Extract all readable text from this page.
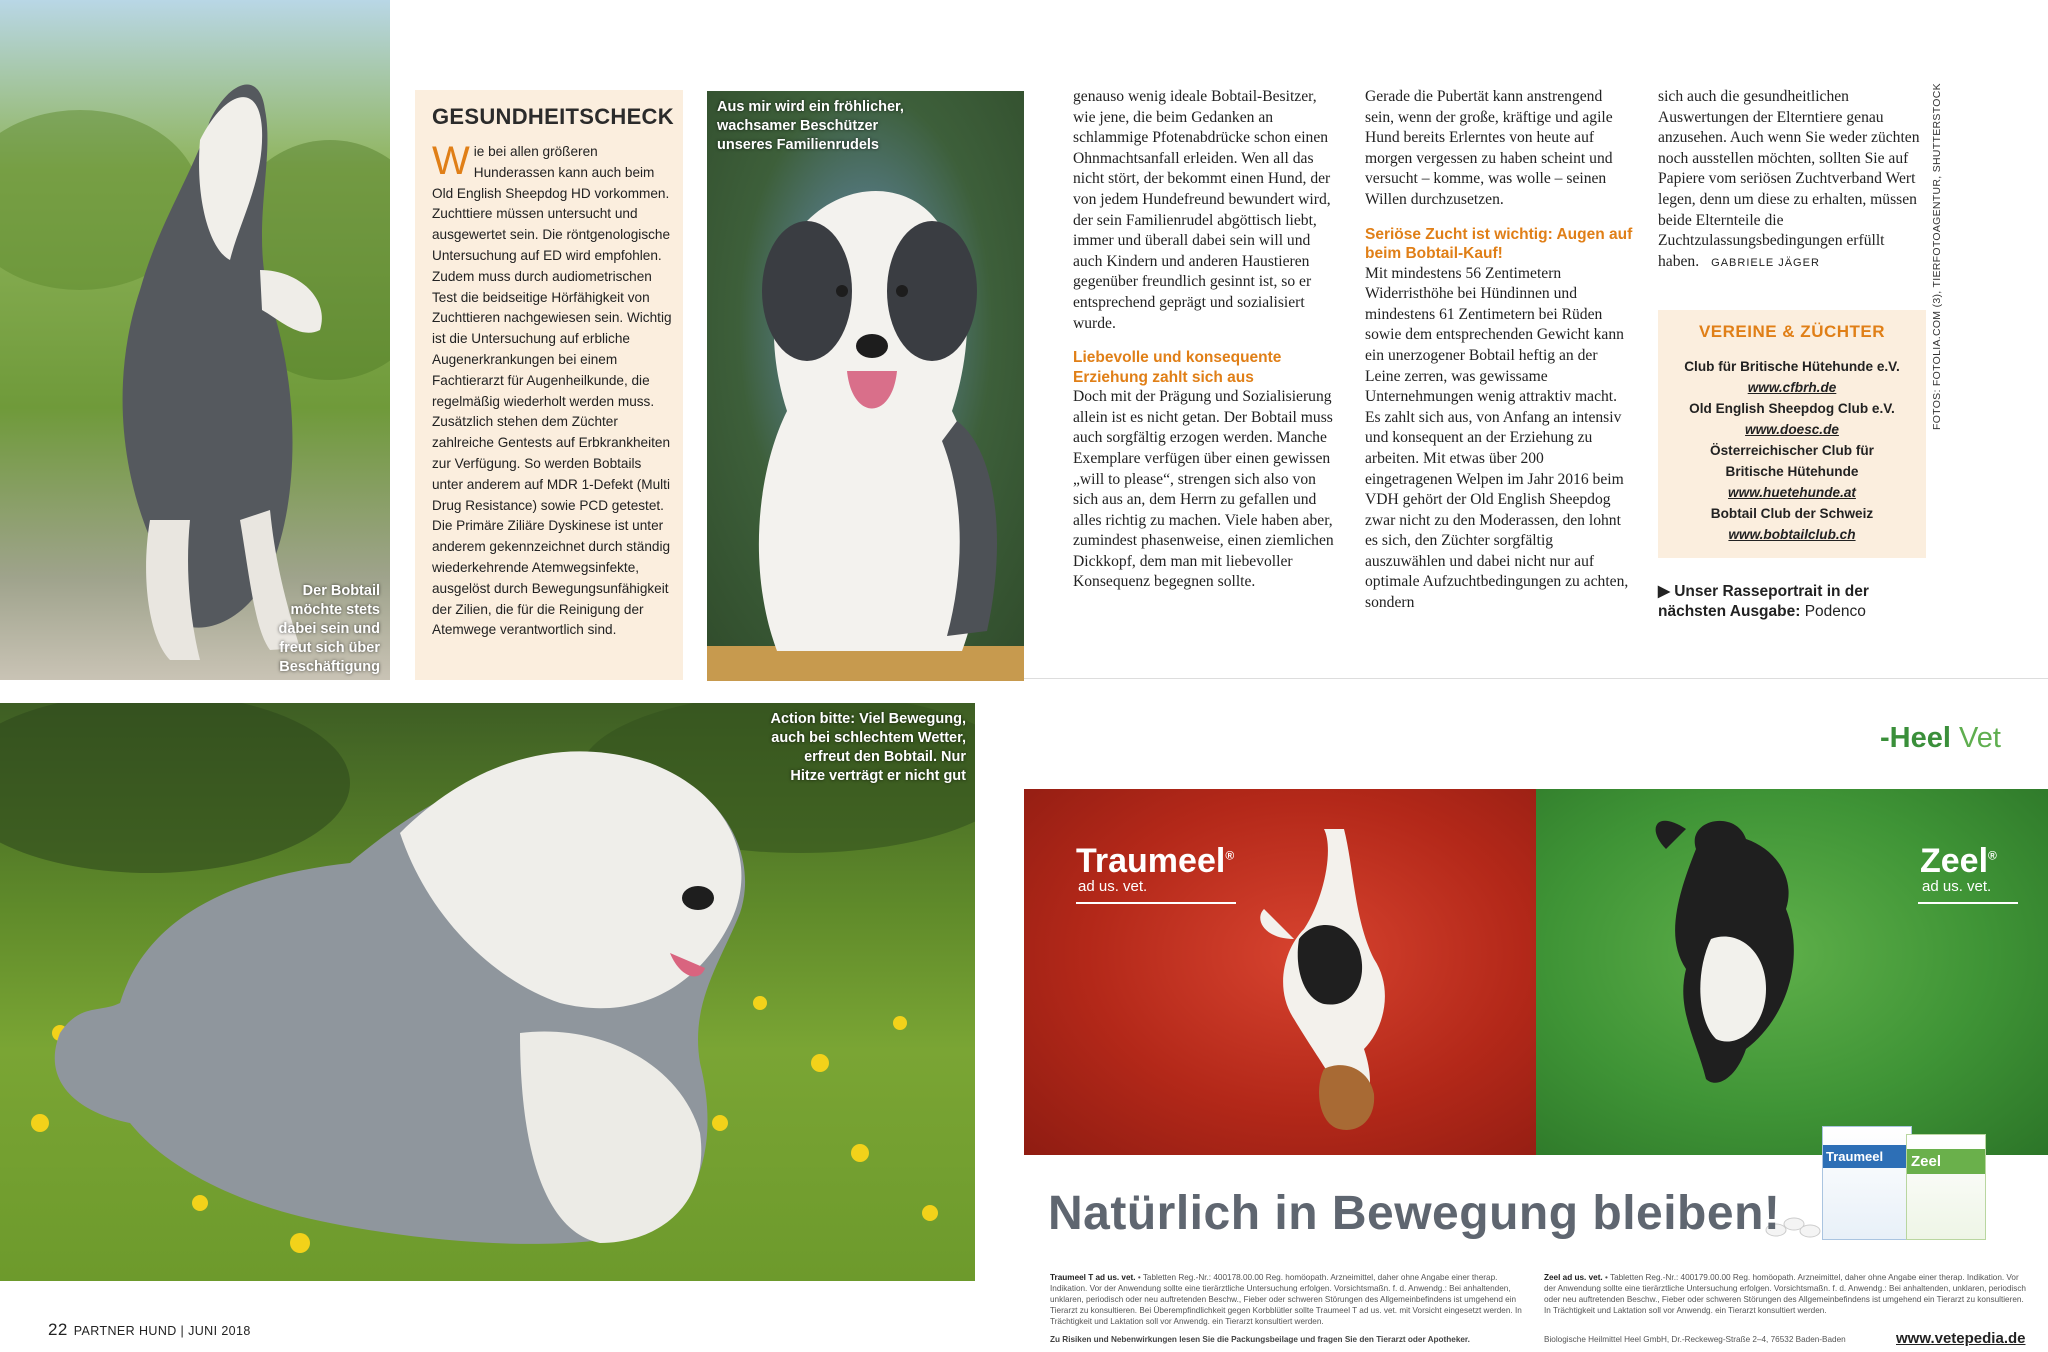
Der Bobtail
möchte stets
dabei sein und
freut sich über
Beschäftigung
GESUNDHEITSCHECK
Wie bei allen größeren Hunderassen kann auch beim Old English Sheepdog HD vorkommen. Zuchttiere müssen untersucht und ausgewertet sein. Die röntgenologische Untersuchung auf ED wird empfohlen. Zudem muss durch audiometrischen Test die beidseitige Hörfähigkeit von Zuchttieren nachgewiesen sein. Wichtig ist die Untersuchung auf erbliche Augenerkrankungen bei einem Fachtierarzt für Augenheilkunde, die regelmäßig wiederholt werden muss. Zusätzlich stehen dem Züchter zahlreiche Gentests auf Erbkrankheiten zur Verfügung. So werden Bobtails unter anderem auf MDR 1-Defekt (Multi Drug Resistance) sowie PCD getestet. Die Primäre Ziliäre Dyskinese ist unter anderem gekennzeichnet durch ständig wiederkehrende Atemwegsinfekte, ausgelöst durch Bewegungsunfähigkeit der Zilien, die für die Reinigung der Atemwege verantwortlich sind.
Aus mir wird ein fröhlicher,
wachsamer Beschützer
unseres Familienrudels

genauso wenig ideale Bobtail-Besitzer, wie jene, die beim Gedanken an schlammige Pfotenabdrücke schon einen Ohnmachtsanfall erleiden. Wen all das nicht stört, der bekommt einen Hund, der von jedem Hundefreund bewundert wird, der sein Familienrudel abgöttisch liebt, immer und überall dabei sein will und auch Kindern und anderen Haustieren gegenüber freundlich gesinnt ist, so er entsprechend geprägt und sozialisiert wurde.

Liebevolle und konsequente Erziehung zahlt sich aus

Doch mit der Prägung und Sozialisierung allein ist es nicht getan. Der Bobtail muss auch sorgfältig erzogen werden. Manche Exemplare verfügen über einen gewissen „will to please“, strengen sich also von sich aus an, dem Herrn zu gefallen und alles richtig zu machen. Viele haben aber, zumindest phasenweise, einen ziemlichen Dickkopf, dem man mit liebevoller Konsequenz begegnen sollte.

Gerade die Pubertät kann anstrengend sein, wenn der große, kräftige und agile Hund bereits Erlerntes von heute auf morgen vergessen zu haben scheint und versucht – komme, was wolle – seinen Willen durchzusetzen.

Seriöse Zucht ist wichtig: Augen auf beim Bobtail-Kauf!

Mit mindestens 56 Zentimetern Widerristhöhe bei Hündinnen und mindestens 61 Zentimetern bei Rüden sowie dem entsprechenden Gewicht kann ein unerzogener Bobtail heftig an der Leine zerren, was gewissame Unternehmungen wenig attraktiv macht. Es zahlt sich aus, von Anfang an intensiv und konsequent an der Erziehung zu arbeiten. Mit etwas über 200 eingetragenen Welpen im Jahr 2016 beim VDH gehört der Old English Sheepdog zwar nicht zu den Moderassen, den lohnt es sich, den Züchter sorgfältig auszuwählen und dabei nicht nur auf optimale Aufzuchtbedingungen zu achten, sondern

sich auch die gesundheitlichen Auswertungen der Elterntiere genau anzusehen. Auch wenn Sie weder züchten noch ausstellen möchten, sollten Sie auf Papiere vom seriösen Zuchtverband Wert legen, denn um diese zu erhalten, müssen beide Elternteile die Zuchtzulassungsbedingungen erfüllt haben. GABRIELE JÄGER

VEREINE & ZÜCHTER
Club für Britische Hütehunde e.V.
www.cfbrh.de
Old English Sheepdog Club e.V.
www.doesc.de
Österreichischer Club für Britische Hütehunde
www.huetehunde.at
Bobtail Club der Schweiz
www.bobtailclub.ch
▶ Unser Rasseportrait in der nächsten Ausgabe: Podenco
FOTOS: FOTOLIA.COM (3), TIERFOTOAGENTUR, SHUTTERSTOCK
Action bitte: Viel Bewegung,
auch bei schlechtem Wetter,
erfreut den Bobtail. Nur
Hitze verträgt er nicht gut
-Heel Vet
Traumeel®
ad us. vet.
Zeel®
ad us. vet.
Traumeel	Zeel
Natürlich in Bewegung bleiben!
Traumeel T ad us. vet. • Tabletten Reg.-Nr.: 400178.00.00 Reg. homöopath. Arzneimittel, daher ohne Angabe einer therap. Indikation. Vor der Anwendung sollte eine tierärztliche Untersuchung erfolgen. Vorsichtsmaßn. f. d. Anwendg.: Bei anhaltenden, unklaren, periodisch oder neu auftretenden Beschw., Fieber oder schweren Störungen des Allgemeinbefindens ist umgehend ein Tierarzt zu konsultieren. Bei Überempfindlichkeit gegen Korbblütler sollte Traumeel T ad us. vet. mit Vorsicht eingesetzt werden. In Trächtigkeit und Laktation soll vor Anwendg. ein Tierarzt konsultiert werden.
Zeel ad us. vet. • Tabletten Reg.-Nr.: 400179.00.00 Reg. homöopath. Arzneimittel, daher ohne Angabe einer therap. Indikation. Vor der Anwendung sollte eine tierärztliche Untersuchung erfolgen. Vorsichtsmaßn. f. d. Anwendg.: Bei anhaltenden, unklaren, periodisch oder neu auftretenden Beschw., Fieber oder schweren Störungen des Allgemeinbefindens ist umgehend ein Tierarzt zu konsultieren. In Trächtigkeit und Laktation soll vor Anwendg. ein Tierarzt konsultiert werden.
Zu Risiken und Nebenwirkungen lesen Sie die Packungsbeilage und fragen Sie den Tierarzt oder Apotheker.	Biologische Heilmittel Heel GmbH, Dr.-Reckeweg-Straße 2–4, 76532 Baden-Baden	www.vetepedia.de
22 PARTNER HUND | JUNI 2018
